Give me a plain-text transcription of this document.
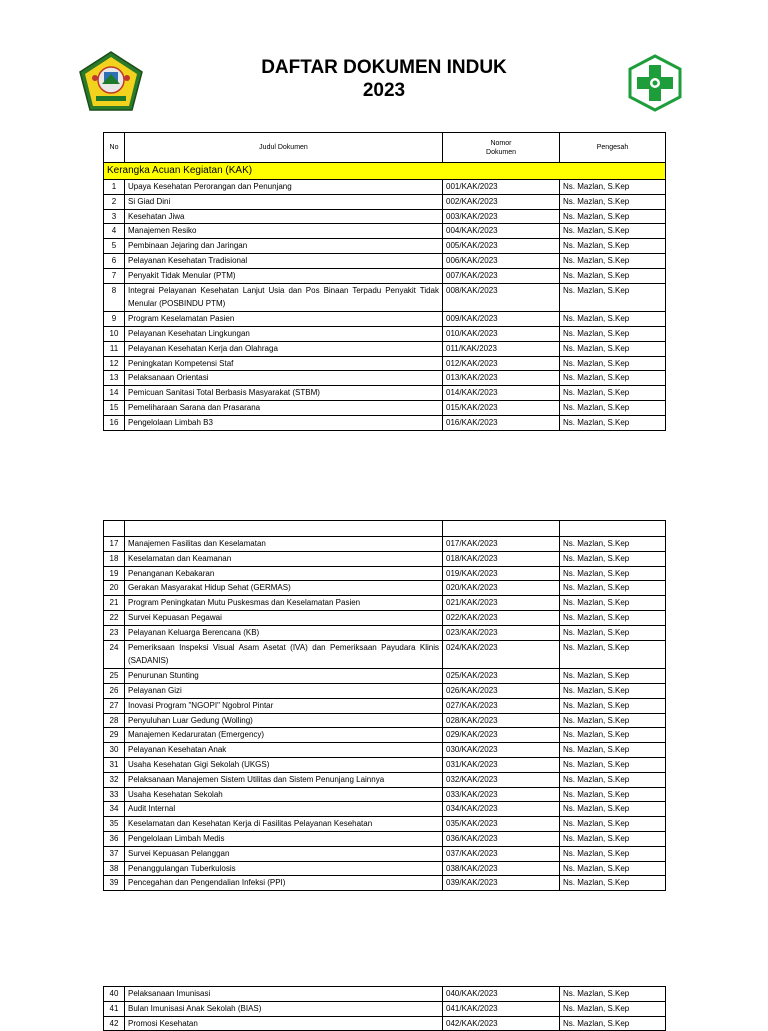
DAFTAR DOKUMEN INDUK
2023
No	Judul Dokumen	Nomor Dokumen	Pengesah
Kerangka Acuan Kegiatan (KAK)			
1	Upaya Kesehatan Perorangan dan Penunjang	001/KAK/2023	Ns. Mazlan, S.Kep
2	Si Giad Dini	002/KAK/2023	Ns. Mazlan, S.Kep
3	Kesehatan Jiwa	003/KAK/2023	Ns. Mazlan, S.Kep
4	Manajemen Resiko	004/KAK/2023	Ns. Mazlan, S.Kep
5	Pembinaan Jejaring dan Jaringan	005/KAK/2023	Ns. Mazlan, S.Kep
6	Pelayanan Kesehatan Tradisional	006/KAK/2023	Ns. Mazlan, S.Kep
7	Penyakit Tidak Menular (PTM)	007/KAK/2023	Ns. Mazlan, S.Kep
8	Integrai Pelayanan Kesehatan Lanjut Usia dan Pos Binaan Terpadu Penyakit Tidak Menular (POSBINDU PTM)	008/KAK/2023	Ns. Mazlan, S.Kep
9	Program Keselamatan Pasien	009/KAK/2023	Ns. Mazlan, S.Kep
10	Pelayanan Kesehatan Lingkungan	010/KAK/2023	Ns. Mazlan, S.Kep
11	Pelayanan Kesehatan Kerja dan Olahraga	011/KAK/2023	Ns. Mazlan, S.Kep
12	Peningkatan Kompetensi Staf	012/KAK/2023	Ns. Mazlan, S.Kep
13	Pelaksanaan Orientasi	013/KAK/2023	Ns. Mazlan, S.Kep
14	Pemicuan Sanitasi Total Berbasis Masyarakat (STBM)	014/KAK/2023	Ns. Mazlan, S.Kep
15	Pemeliharaan Sarana dan Prasarana	015/KAK/2023	Ns. Mazlan, S.Kep
16	Pengelolaan Limbah B3	016/KAK/2023	Ns. Mazlan, S.Kep

17	Manajemen Fasilitas dan Keselamatan	017/KAK/2023	Ns. Mazlan, S.Kep
18	Keselamatan dan Keamanan	018/KAK/2023	Ns. Mazlan, S.Kep
19	Penanganan Kebakaran	019/KAK/2023	Ns. Mazlan, S.Kep
20	Gerakan Masyarakat Hidup Sehat (GERMAS)	020/KAK/2023	Ns. Mazlan, S.Kep
21	Program Peningkatan Mutu Puskesmas dan Keselamatan Pasien	021/KAK/2023	Ns. Mazlan, S.Kep
22	Survei Kepuasan Pegawai	022/KAK/2023	Ns. Mazlan, S.Kep
23	Pelayanan Keluarga Berencana (KB)	023/KAK/2023	Ns. Mazlan, S.Kep
24	Pemeriksaan Inspeksi Visual Asam Asetat (IVA) dan Pemeriksaan Payudara Klinis (SADANIS)	024/KAK/2023	Ns. Mazlan, S.Kep
25	Penurunan Stunting	025/KAK/2023	Ns. Mazlan, S.Kep
26	Pelayanan Gizi	026/KAK/2023	Ns. Mazlan, S.Kep
27	Inovasi Program "NGOPI" Ngobrol Pintar	027/KAK/2023	Ns. Mazlan, S.Kep
28	Penyuluhan Luar Gedung (Wolling)	028/KAK/2023	Ns. Mazlan, S.Kep
29	Manajemen Kedaruratan (Emergency)	029/KAK/2023	Ns. Mazlan, S.Kep
30	Pelayanan Kesehatan Anak	030/KAK/2023	Ns. Mazlan, S.Kep
31	Usaha Kesehatan Gigi Sekolah (UKGS)	031/KAK/2023	Ns. Mazlan, S.Kep
32	Pelaksanaan Manajemen Sistem Utilitas dan Sistem Penunjang Lainnya	032/KAK/2023	Ns. Mazlan, S.Kep
33	Usaha Kesehatan Sekolah	033/KAK/2023	Ns. Mazlan, S.Kep
34	Audit Internal	034/KAK/2023	Ns. Mazlan, S.Kep
35	Keselamatan dan Kesehatan Kerja di Fasilitas Pelayanan Kesehatan	035/KAK/2023	Ns. Mazlan, S.Kep
36	Pengelolaan Limbah Medis	036/KAK/2023	Ns. Mazlan, S.Kep
37	Survei Kepuasan Pelanggan	037/KAK/2023	Ns. Mazlan, S.Kep
38	Penanggulangan Tuberkulosis	038/KAK/2023	Ns. Mazlan, S.Kep
39	Pencegahan dan Pengendalian Infeksi (PPI)	039/KAK/2023	Ns. Mazlan, S.Kep
40	Pelaksanaan Imunisasi	040/KAK/2023	Ns. Mazlan, S.Kep
41	Bulan Imunisasi Anak Sekolah (BIAS)	041/KAK/2023	Ns. Mazlan, S.Kep
42	Promosi Kesehatan	042/KAK/2023	Ns. Mazlan, S.Kep
